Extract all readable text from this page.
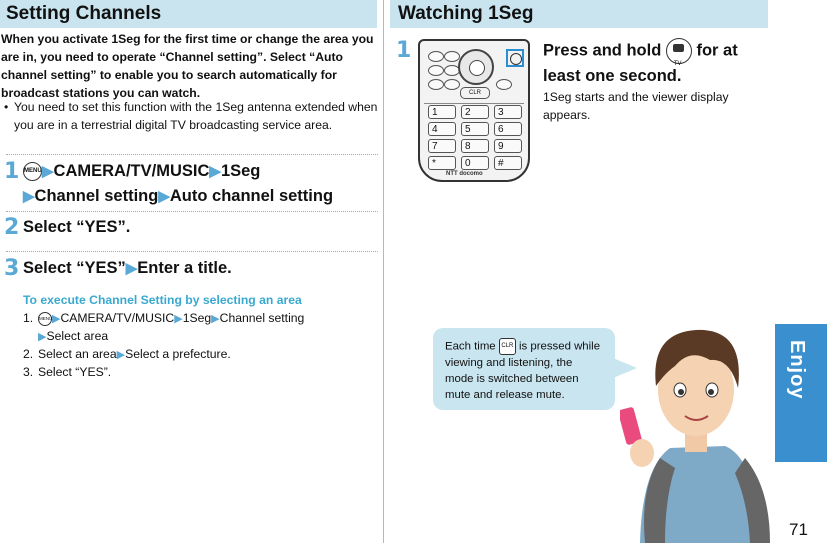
Setting Channels	Watching 1Seg
When you activate 1Seg for the first time or change the area you are in, you need to operate “Channel setting”. Select “Auto channel setting” to enable you to search automatically for broadcast stations you can watch.
• You need to set this function with the 1Seg antenna extended when you are in a terrestrial digital TV broadcasting service area.
1 MENU▶CAMERA/TV/MUSIC▶1Seg
▶Channel setting▶Auto channel setting
2 Select “YES”.
3 Select “YES”▶Enter a title.
To execute Channel Setting by selecting an area
1. MENU▶CAMERA/TV/MUSIC▶1Seg▶Channel setting
▶Select area
2. Select an area▶Select a prefecture.
3. Select “YES”.
1
CLR
1	2	3
4	5	6
7	8	9
*	0	#
NTT docomo
Press and hold TV for at least one second.
1Seg starts and the viewer display appears.
Each time CLR is pressed while viewing and listening, the mode is switched between mute and release mute.	Enjoy
71
